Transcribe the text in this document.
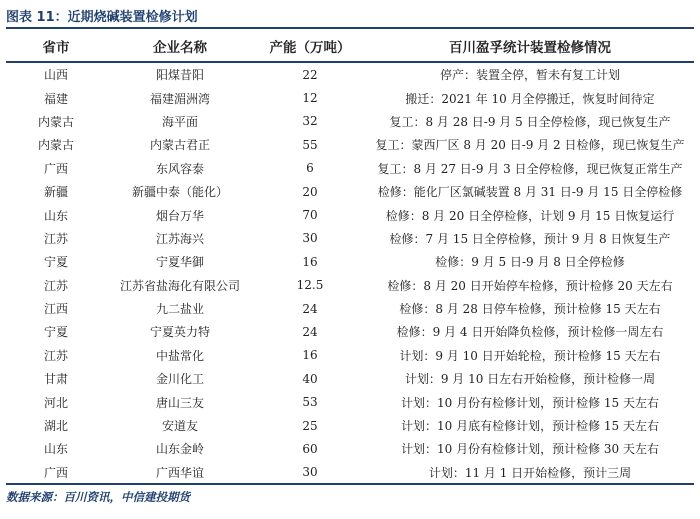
图表 11：近期烧碱装置检修计划
省市	企业名称	产能（万吨）	百川盈孚统计装置检修情况
山西	阳煤昔阳	22	停产：装置全停，暂未有复工计划
福建	福建湄洲湾	12	搬迁：2021 年 10 月全停搬迁，恢复时间待定
内蒙古	海平面	32	复工：8 月 28 日-9 月 5 日全停检修，现已恢复生产
内蒙古	内蒙古君正	55	复工：蒙西厂区 8 月 20 日-9 月 2 日检修，现已恢复生产
广西	东风容泰	6	复工：8 月 27 日-9 月 3 日全停检修，现已恢复正常生产
新疆	新疆中泰（能化）	20	检修：能化厂区氯碱装置 8 月 31 日-9 月 15 日全停检修
山东	烟台万华	70	检修：8 月 20 日全停检修，计划 9 月 15 日恢复运行
江苏	江苏海兴	30	检修：7 月 15 日全停检修，预计 9 月 8 日恢复生产
宁夏	宁夏华御	16	检修：9 月 5 日-9 月 8 日全停检修
江苏	江苏省盐海化有限公司	12.5	检修：8 月 20 日开始停车检修，预计检修 20 天左右
江西	九二盐业	24	检修：8 月 28 日停车检修，预计检修 15 天左右
宁夏	宁夏英力特	24	检修：9 月 4 日开始降负检修，预计检修一周左右
江苏	中盐常化	16	计划：9 月 10 日开始轮检，预计检修 15 天左右
甘肃	金川化工	40	计划：9 月 10 日左右开始检修，预计检修一周
河北	唐山三友	53	计划：10 月份有检修计划，预计检修 15 天左右
湖北	安道友	25	计划：10 月底有检修计划，预计检修 15 天左右
山东	山东金岭	60	计划：10 月份有检修计划，预计检修 30 天左右
广西	广西华谊	30	计划：11 月 1 日开始检修，预计三周
数据来源：百川资讯，中信建投期货
